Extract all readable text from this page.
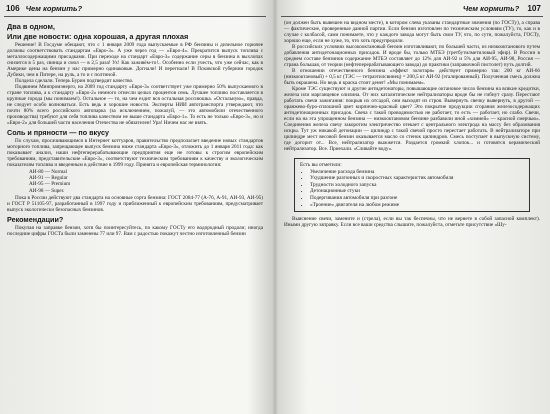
106 Чем кормить?
Два в одном,
Или две новости: одна хорошая, а другая плохая

Решение! В Госдуме обещают, что с 1 января 2009 года выпускаемые в РФ бензины и дизельное горючее должны соответствовать стандартам «Евро-3». А уже через год — «Евро-4». Прекратится выпуск топлива с металлосодержащими присадками. При переходе на стандарт «Евро-3» содержание серы в бензина в выхлопах снизится в 5 раз, свинца и смол — в 2,5 раза! Ух! Как заживём-то!.. Особенно если учесть, что уже сейчас, как в Америке цены на бензин у нас примерно одинаковые. Догнали! И перегнали! В Псковской губернии городок Дубики, чем в Питере, на руль, а то и с полтиной.

Полдела сделали. Теперь Бурин подтвердит качество.

Подвинем Минпромэнерго, на 2009 год стандарту «Евро-3» соответствует уже примерно 50% выпускаемого в стране топлива, а к стандарту «Евро-2» немного отнесли целых процентов семь. Лучшее топливо поставляется в крупные города (мы понимаем!). Остальное — то, на чем ездит вся остальная россиюшка. «Остальную», правда, не следует особо волноваться. Есть ведь и хорошие новости. Эксперты НИИ автотранспорта утверждают, что почти 80% всего российского автопарка (за исключением, пожалуй, — это автомобили отечественного производства) требуют для себя топлива качеством не выше стандарта «Евро-1». То есть не только «Евро-3», но и «Евро-2» для большей части населения Отечества не обязателен! Ура! Ничем нас не взять.

Соль и пряности — по вкусу

По слухам, просачивающимся в Интернет коттуаров, правительство предполагает введение новых стандартов моторного топлива, запрещающее выпуск бензина ниже стандарта «Евро-3», отложить до 1 января 2011 года: как показывает анализ, наши нефтеперерабатывающие предприятия еще не готовы к строгим европейским требованиям, представительские «Евро-3», соответствуют техническим требованиям к качеству и экологическим показателям топлива и введенным в действие в 1999 году. Принята и европейская терминология:

АИ-80 — Normal
АИ-91 — Regular
АИ-95 — Premium
АИ-98 — Super.

Пока в России действуют два стандарта на основные сорта бензина: ГОСТ 2084-77 (А-76, А-91, АИ-93, АИ-95) и ГОСТ Р 51105-97, разработанный в 1997 году и приближенный к европейским требованиям, предусматривает выпуск экологически безопасных бензинов.

Рекомендации?

Покупая на заправке бензин, хотя бы поинтересуйтесь, по какому ГОСТу его водородный продали; иногда последние цифры ГОСТа были заменены 77 или 97. Вам с радостью покажут честно изготовленный бензин

Чем кормить? 107

(он должен быть вывешен на видном месте), в котором слева указаны стандартные значения (по ГОСТу), а справа — фактические, проверенные данной партии. Если бензин изготовлен по техническим условиям (ТУ), то, как и в случае с колбасой, сами понимаете, что у каждого завода могут быть свои ТУ, что, по сути, пожалуйста, ГОСТу, хорошо еще, если не хуже, то, что хоть предупредили.

В российских условиях высокооктановый бензин изготавливают, по большей части, из низкооктанового путем добавления антидетонационных присадок. И вроде бы, только МТБЭ (третбутилметиловый эфир). В России в среднем составе бензинов содержание МТБЭ составляет до 12% для АИ-92 и 5% для АИ-95, АИ-98, Россия — страна большая, от теории (нефтеперерабатывающего завода) до практики (заправочной пистолет) путь долгий.

В отношении отечественного бензина «эффект золотаря» действует примерно так: 200 кг АИ-66 (низкооктановый) + 0,5 кг (ТЭС — тетраэтилсвинец) = 200,5 кг АИ-92 (эталированный). Полученная смесь должна быть окрашена. Но ведь и краска стоит денег! «Мы понимаем».

Кроме ТЭС существуют и другие антидетонаторы, повышающие октановое число бензина на всякие кредитки, железа или марганцевое олилина. От них каталитические нейтрализаторы вроде бы не гибнут сразу. Перестают работать свечи зажигания: покрыв их отсадой, они выходят из строя. Вывернуть свечку вывернуть, в другой — оранжево-буро-сплошной цвет кирпично-красный цвет? Это покрытие продукции сгорания железосодержащих антидетонационных присадок. Свеча с такой проводимостью не работает, то есть — работает, но слабо. Свечи, если на на эта упрощенном бензина — низкооктановом бензине разбавили иной «химией» — красной смерчью». Соединения железа свечу закоротим электричество отекает с центрального электрода на массу без образования искры. Тут уж никакой детонации — цилиндр с такой свечой просто перестает работать. В нейтрализаторе при цилиндре мест весовой бензин оказывается масло со стенок цилиндров. Смесь поступает в выпускную систему, где догорит от... Все, нейтрализатор выжжется. Раздается громкий хлопок... и готовятся керамический нейтрализатор. Все. Приехали. «Сливайте воду».

Есть вы отметили:
• Увеличение расхода бензина
• Ухудшение разгонных и скоростных характеристик автомобиля
• Трудности холодного запуска
• Детонационные стуки
• Подергивания автомобиля при разгоне
• «Троение» двигателя на любом режиме

Выяснение свечи, замените и (стрела), если вы так беспечны, что не вернете в собой запасной комплект). Иными другую заправку. Если все ваши средства слышите, пожалуйста, отметьте присутствие «Шу-
